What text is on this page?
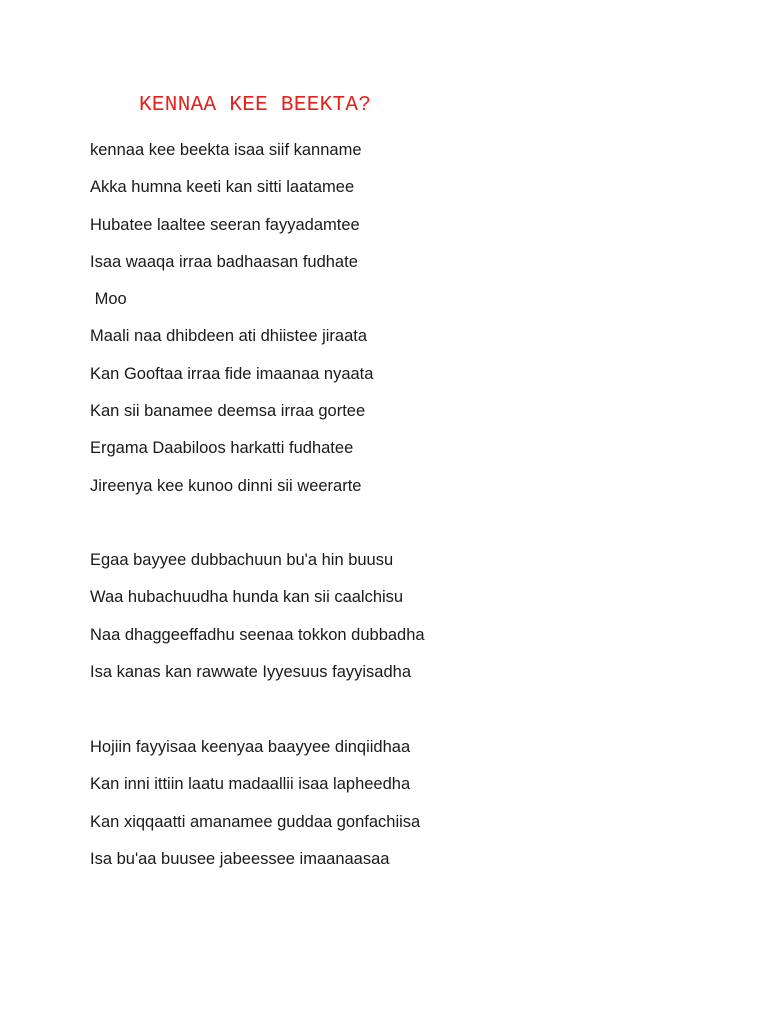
KENNAA KEE BEEKTA?
kennaa kee beekta isaa siif kanname
Akka humna keeti kan sitti laatamee
Hubatee laaltee seeran fayyadamtee
Isaa waaqa irraa badhaasan fudhate
Moo
Maali naa dhibdeen ati dhiistee jiraata
Kan Gooftaa irraa fide imaanaa nyaata
Kan sii banamee deemsa irraa gortee
Ergama Daabiloos harkatti fudhatee
Jireenya kee kunoo dinni sii weerarte
Egaa bayyee dubbachuun bu'a hin buusu
Waa hubachuudha hunda kan sii caalchisu
Naa dhaggeeffadhu seenaa tokkon dubbadha
Isa kanas kan rawwate Iyyesuus fayyisadha
Hojiin fayyisaa keenyaa baayyee dinqiidhaa
Kan inni ittiin laatu madaallii isaa lapheedha
Kan xiqqaatti amanamee guddaa gonfachiisa
Isa bu'aa buusee jabeessee imaanaasaa
